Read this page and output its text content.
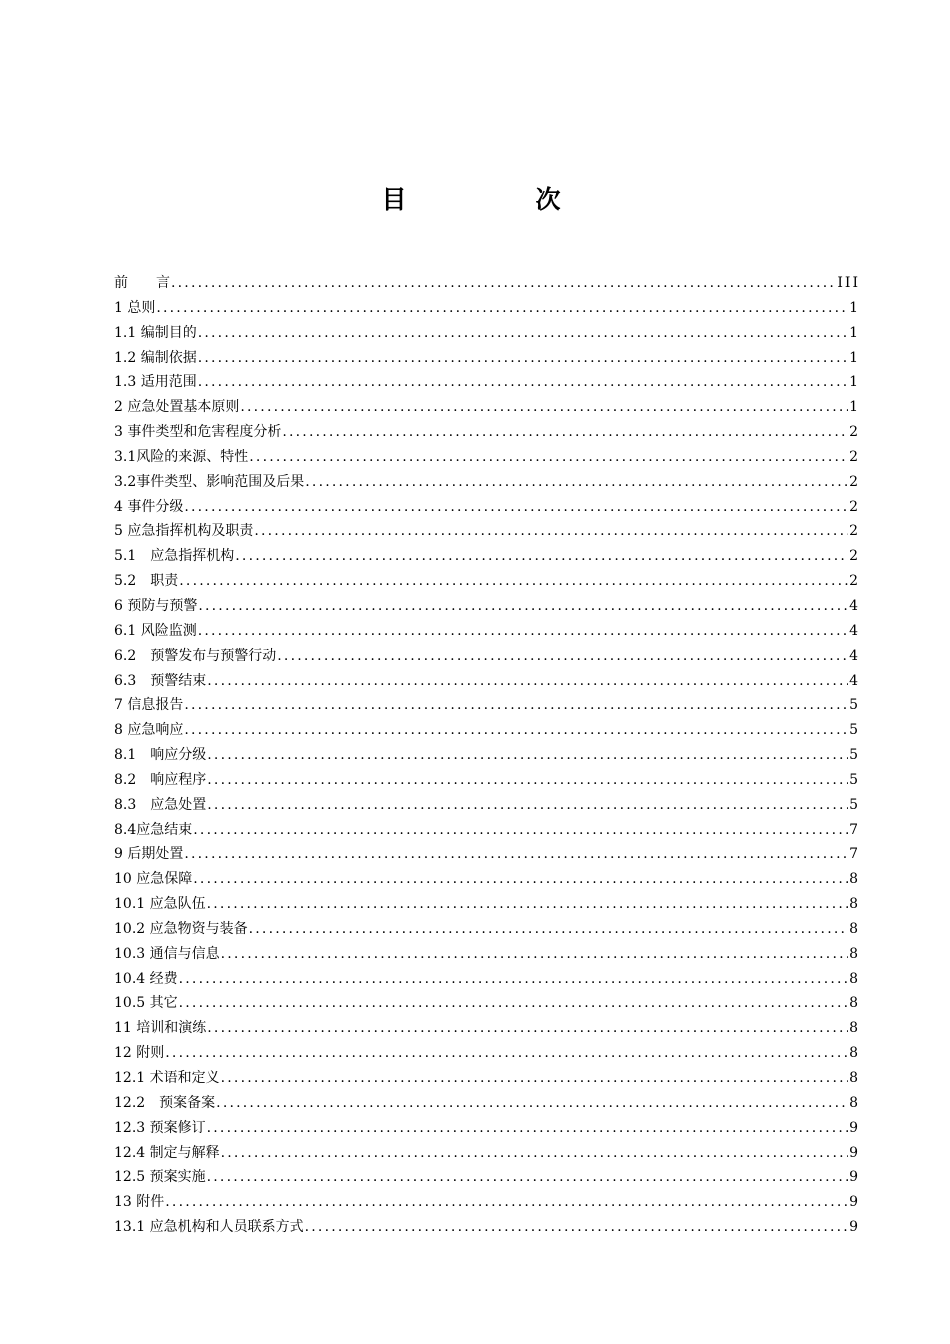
目　次
前　　言 .....	III
1 总则 .....	1
1.1 编制目的 .....	1
1.2 编制依据 .....	1
1.3 适用范围 .....	1
2 应急处置基本原则 .....	1
3 事件类型和危害程度分析 .....	2
3.1风险的来源、特性 .....	2
3.2事件类型、影响范围及后果 .....	2
4 事件分级 .....	2
5 应急指挥机构及职责 .....	2
5.1　应急指挥机构 .....	2
5.2　职责 .....	2
6 预防与预警 .....	4
6.1 风险监测 .....	4
6.2　预警发布与预警行动 .....	4
6.3　预警结束 .....	4
7 信息报告 .....	5
8 应急响应 .....	5
8.1　响应分级 .....	5
8.2　响应程序 .....	5
8.3　应急处置 .....	5
8.4应急结束 .....	7
9 后期处置 .....	7
10 应急保障 .....	8
10.1 应急队伍 .....	8
10.2 应急物资与装备 .....	8
10.3 通信与信息 .....	8
10.4 经费 .....	8
10.5 其它 .....	8
11 培训和演练 .....	8
12 附则 .....	8
12.1 术语和定义 .....	8
12.2　预案备案 .....	8
12.3 预案修订 .....	9
12.4 制定与解释 .....	9
12.5 预案实施 .....	9
13 附件 .....	9
13.1 应急机构和人员联系方式 .....	9
